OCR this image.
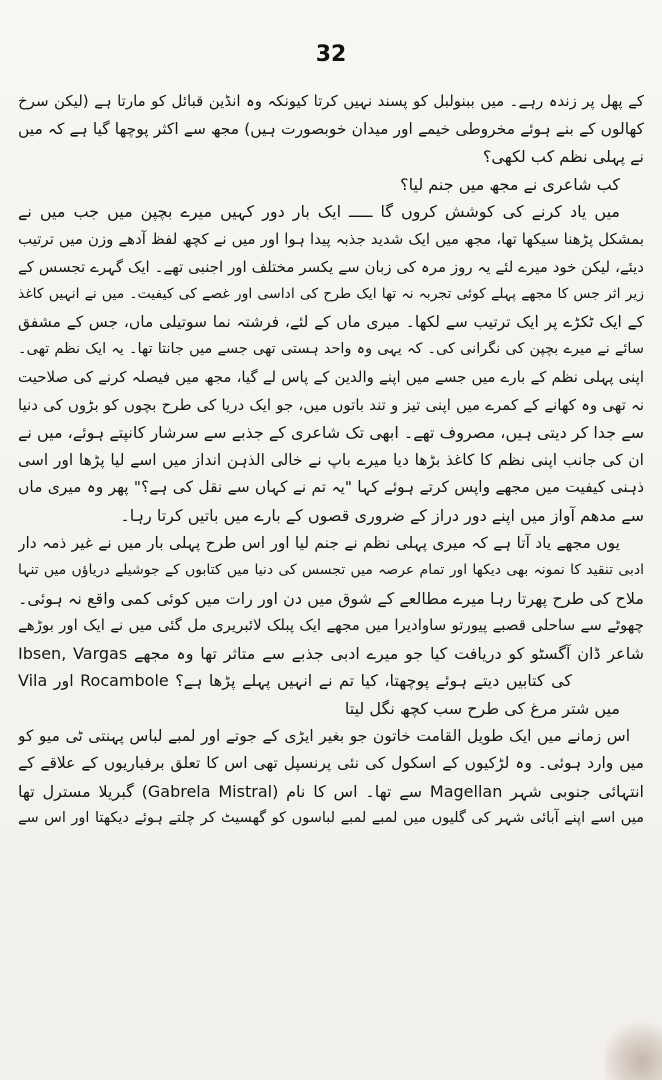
32
کے پھل پر زندہ رہے۔ میں ببنولبل کو پسند نہیں کرتا کیونکہ وہ انڈین قبائل کو مارتا ہے (لیکن سرخ
کھالوں کے بنے ہوئے مخروطی خیمے اور میدان خوبصورت ہیں) مجھ سے اکثر پوچھا گیا ہے کہ میں
نے پہلی نظم کب لکھی؟
کب شاعری نے مجھ میں جنم لیا؟
میں یاد کرنے کی کوشش کروں گا ـــــ ایک بار دور کہیں میرے بچپن میں جب میں نے
بمشکل پڑھنا سیکھا تھا، مجھ میں ایک شدید جذبہ پیدا ہوا اور میں نے کچھ لفظ آدھے وزن میں ترتیب
دیئے، لیکن خود میرے لئے یہ روز مرہ کی زبان سے یکسر مختلف اور اجنبی تھے۔ ایک گہرے تجسس کے
زیر اثر جس کا مجھے پہلے کوئی تجربہ نہ تھا ایک طرح کی اداسی اور غصے کی کیفیت۔ میں نے انہیں کاغذ
کے ایک ٹکڑے پر ایک ترتیب سے لکھا۔ میری ماں کے لئے، فرشتہ نما سوتیلی ماں، جس کے مشفق
سائے نے میرے بچپن کی نگرانی کی۔ کہ یہی وہ واحد ہستی تھی جسے میں جانتا تھا۔ یہ ایک نظم تھی۔
اپنی پہلی نظم کے بارے میں جسے میں اپنے والدین کے پاس لے گیا، مجھ میں فیصلہ کرنے کی صلاحیت
نہ تھی وہ کھانے کے کمرے میں اپنی تیز و تند باتوں میں، جو ایک دریا کی طرح بچوں کو بڑوں کی دنیا
سے جدا کر دیتی ہیں، مصروف تھے۔ ابھی تک شاعری کے جذبے سے سرشار کانپتے ہوئے، میں نے
ان کی جانب اپنی نظم کا کاغذ بڑھا دیا میرے باپ نے خالی الذہن انداز میں اسے لیا پڑھا اور اسی
ذہنی کیفیت میں مجھے واپس کرتے ہوئے کہا "یہ تم نے کہاں سے نقل کی ہے؟" پھر وہ میری ماں
سے مدھم آواز میں اپنے دور دراز کے ضروری قصوں کے بارے میں باتیں کرتا رہا۔
یوں مجھے یاد آتا ہے کہ میری پہلی نظم نے جنم لیا اور اس طرح پہلی بار میں نے غیر ذمہ دار
ادبی تنقید کا نمونہ بھی دیکھا اور تمام عرصہ میں تجسس کی دنیا میں کتابوں کے جوشیلے دریاؤں میں تنہا
ملاح کی طرح پھرتا رہا میرے مطالعے کے شوق میں دن اور رات میں کوئی کمی واقع نہ ہوئی۔
چھوٹے سے ساحلی قصبے پیورتو ساوادیرا میں مجھے ایک پبلک لائبریری مل گئی میں نے ایک اور بوڑھے
شاعر ڈان آگسٹو کو دریافت کیا جو میرے ادبی جذبے سے متاثر تھا وہ مجھے Ibsen, Vargas
Vila اور Rocambole کی کتابیں دیتے ہوئے پوچھتا، کیا تم نے انہیں پہلے پڑھا ہے؟
میں شتر مرغ کی طرح سب کچھ نگل لیتا
اس زمانے میں ایک طویل القامت خاتون جو بغیر ایڑی کے جوتے اور لمبے لباس پہنتی ٹی میو کو
میں وارد ہوئی۔ وہ لڑکیوں کے اسکول کی نئی پرنسپل تھی اس کا تعلق برفباریوں کے علاقے کے
انتہائی جنوبی شہر Magellan سے تھا۔ اس کا نام (Gabrela Mistral) گبریلا مسترل تھا
میں اسے اپنے آبائی شہر کی گلیوں میں لمبے لمبے لباسوں کو گھسیٹ کر چلتے ہوئے دیکھتا اور اس سے
